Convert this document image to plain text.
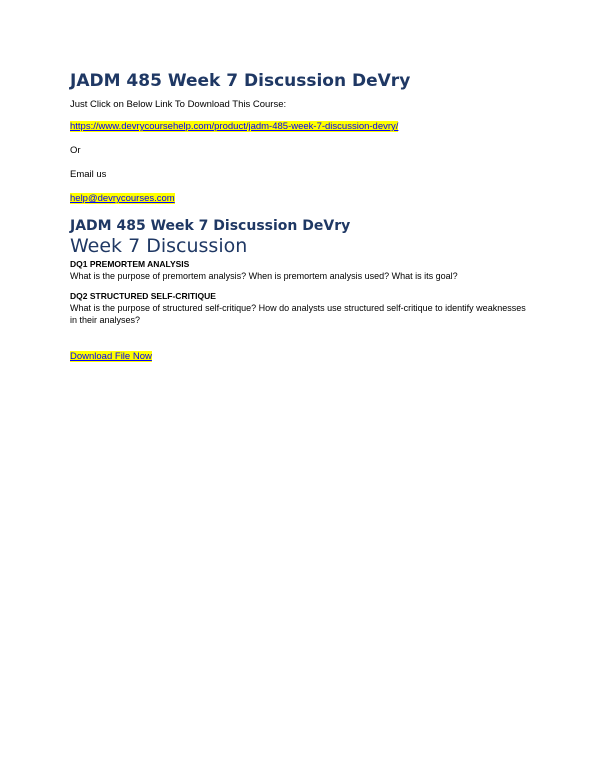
JADM 485 Week 7 Discussion DeVry
Just Click on Below Link To Download This Course:
https://www.devrycoursehelp.com/product/jadm-485-week-7-discussion-devry/
Or
Email us
help@devrycourses.com
JADM 485 Week 7 Discussion DeVry
Week 7 Discussion
DQ1 PREMORTEM ANALYSIS
What is the purpose of premortem analysis? When is premortem analysis used? What is its goal?
DQ2 STRUCTURED SELF-CRITIQUE
What is the purpose of structured self-critique? How do analysts use structured self-critique to identify weaknesses in their analyses?
Download File Now
